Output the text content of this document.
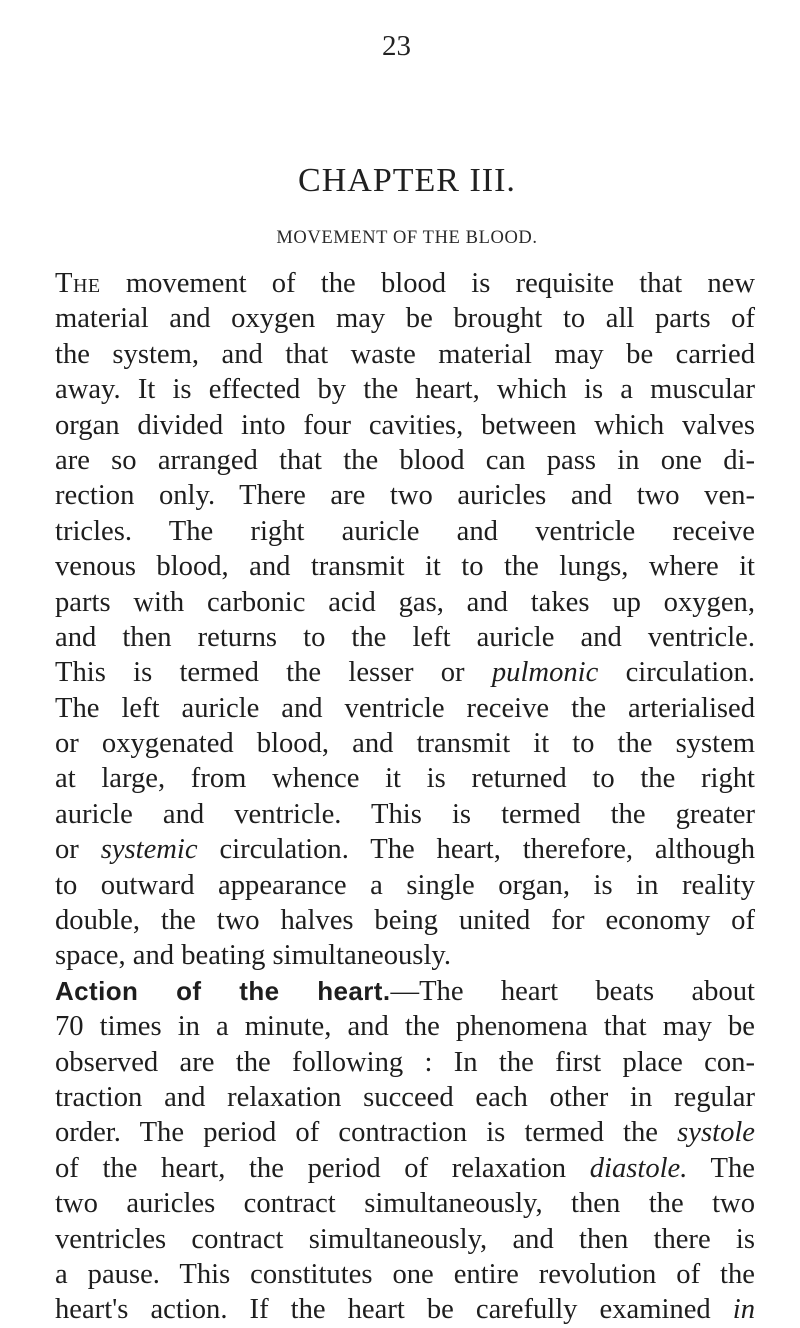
23
CHAPTER III.
MOVEMENT OF THE BLOOD.
The movement of the blood is requisite that new
material and oxygen may be brought to all parts of
the system, and that waste material may be carried
away. It is effected by the heart, which is a muscular
organ divided into four cavities, between which valves
are so arranged that the blood can pass in one di-
rection only. There are two auricles and two ven-
tricles. The right auricle and ventricle receive
venous blood, and transmit it to the lungs, where it
parts with carbonic acid gas, and takes up oxygen,
and then returns to the left auricle and ventricle.
This is termed the lesser or pulmonic circulation.
The left auricle and ventricle receive the arterialised
or oxygenated blood, and transmit it to the system
at large, from whence it is returned to the right
auricle and ventricle. This is termed the greater
or systemic circulation. The heart, therefore, although
to outward appearance a single organ, is in reality
double, the two halves being united for economy of
space, and beating simultaneously.
Action of the heart.—The heart beats about
70 times in a minute, and the phenomena that may be
observed are the following : In the first place con-
traction and relaxation succeed each other in regular
order. The period of contraction is termed the systole
of the heart, the period of relaxation diastole. The
two auricles contract simultaneously, then the two
ventricles contract simultaneously, and then there is
a pause. This constitutes one entire revolution of the
heart's action. If the heart be carefully examined in
